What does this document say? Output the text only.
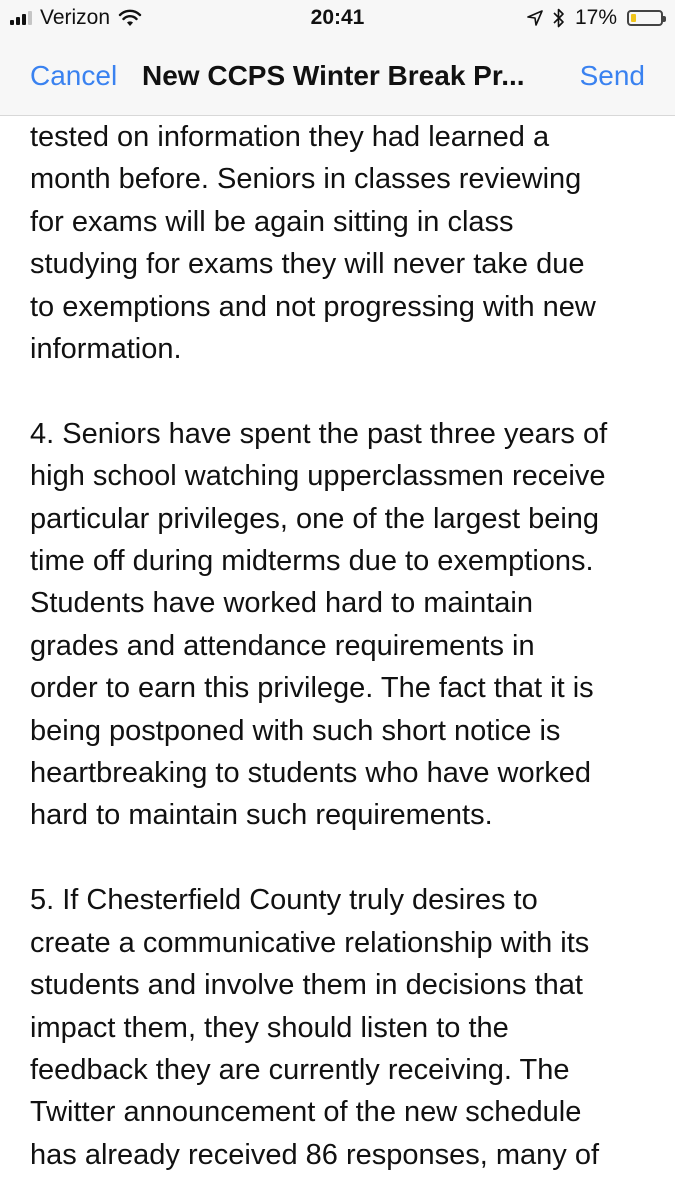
Verizon	20:41	17%
Cancel New CCPS Winter Break Pr...	Send

tested on information they had learned a
month before. Seniors in classes reviewing
for exams will be again sitting in class
studying for exams they will never take due
to exemptions and not progressing with new
information.

4. Seniors have spent the past three years of
high school watching upperclassmen receive
particular privileges, one of the largest being
time off during midterms due to exemptions.
Students have worked hard to maintain
grades and attendance requirements in
order to earn this privilege. The fact that it is
being postponed with such short notice is
heartbreaking to students who have worked
hard to maintain such requirements.

5. If Chesterfield County truly desires to
create a communicative relationship with its
students and involve them in decisions that
impact them, they should listen to the
feedback they are currently receiving. The
Twitter announcement of the new schedule
has already received 86 responses, many of
